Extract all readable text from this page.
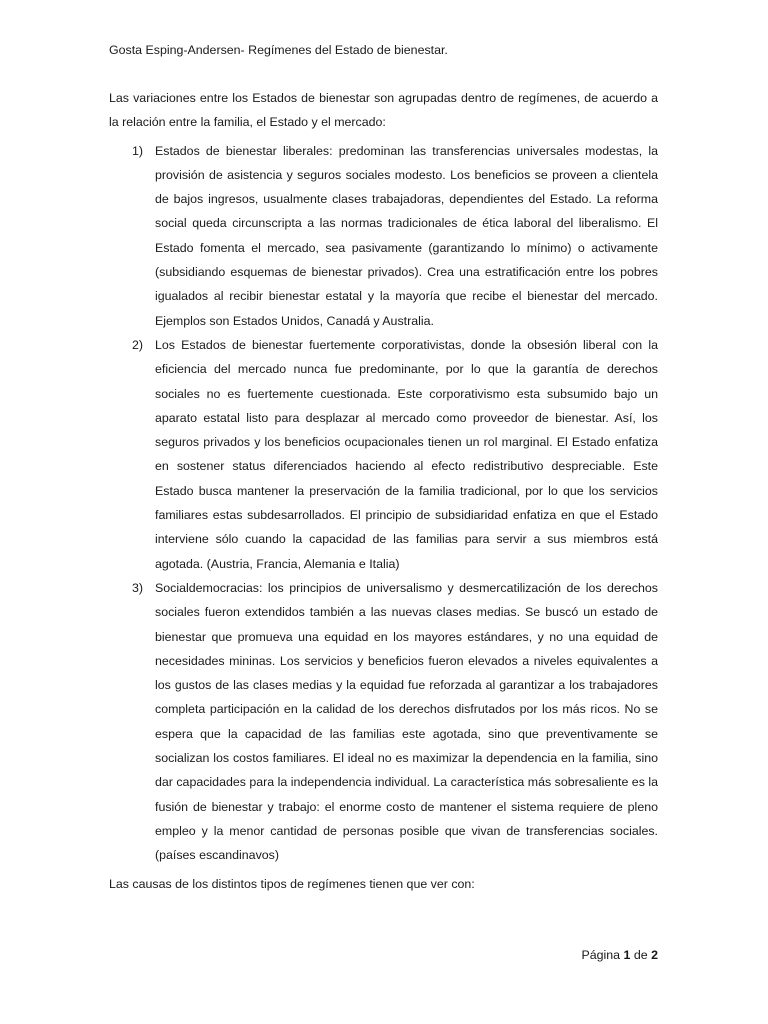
Gosta Esping-Andersen- Regímenes del Estado de bienestar.

Las variaciones entre los Estados de bienestar son agrupadas dentro de regímenes, de acuerdo a la relación entre la familia, el Estado y el mercado:

1) Estados de bienestar liberales: predominan las transferencias universales modestas, la provisión de asistencia y seguros sociales modesto. Los beneficios se proveen a clientela de bajos ingresos, usualmente clases trabajadoras, dependientes del Estado. La reforma social queda circunscripta a las normas tradicionales de ética laboral del liberalismo. El Estado fomenta el mercado, sea pasivamente (garantizando lo mínimo) o activamente (subsidiando esquemas de bienestar privados). Crea una estratificación entre los pobres igualados al recibir bienestar estatal y la mayoría que recibe el bienestar del mercado. Ejemplos son Estados Unidos, Canadá y Australia.
2) Los Estados de bienestar fuertemente corporativistas, donde la obsesión liberal con la eficiencia del mercado nunca fue predominante, por lo que la garantía de derechos sociales no es fuertemente cuestionada. Este corporativismo esta subsumido bajo un aparato estatal listo para desplazar al mercado como proveedor de bienestar. Así, los seguros privados y los beneficios ocupacionales tienen un rol marginal. El Estado enfatiza en sostener status diferenciados haciendo al efecto redistributivo despreciable. Este Estado busca mantener la preservación de la familia tradicional, por lo que los servicios familiares estas subdesarrollados. El principio de subsidiaridad enfatiza en que el Estado interviene sólo cuando la capacidad de las familias para servir a sus miembros está agotada. (Austria, Francia, Alemania e Italia)
3) Socialdemocracias: los principios de universalismo y desmercatilización de los derechos sociales fueron extendidos también a las nuevas clases medias. Se buscó un estado de bienestar que promueva una equidad en los mayores estándares, y no una equidad de necesidades mininas. Los servicios y beneficios fueron elevados a niveles equivalentes a los gustos de las clases medias y la equidad fue reforzada al garantizar a los trabajadores completa participación en la calidad de los derechos disfrutados por los más ricos. No se espera que la capacidad de las familias este agotada, sino que preventivamente se socializan los costos familiares. El ideal no es maximizar la dependencia en la familia, sino dar capacidades para la independencia individual. La característica más sobresaliente es la fusión de bienestar y trabajo: el enorme costo de mantener el sistema requiere de pleno empleo y la menor cantidad de personas posible que vivan de transferencias sociales. (países escandinavos)

Las causas de los distintos tipos de regímenes tienen que ver con:

Página 1 de 2
